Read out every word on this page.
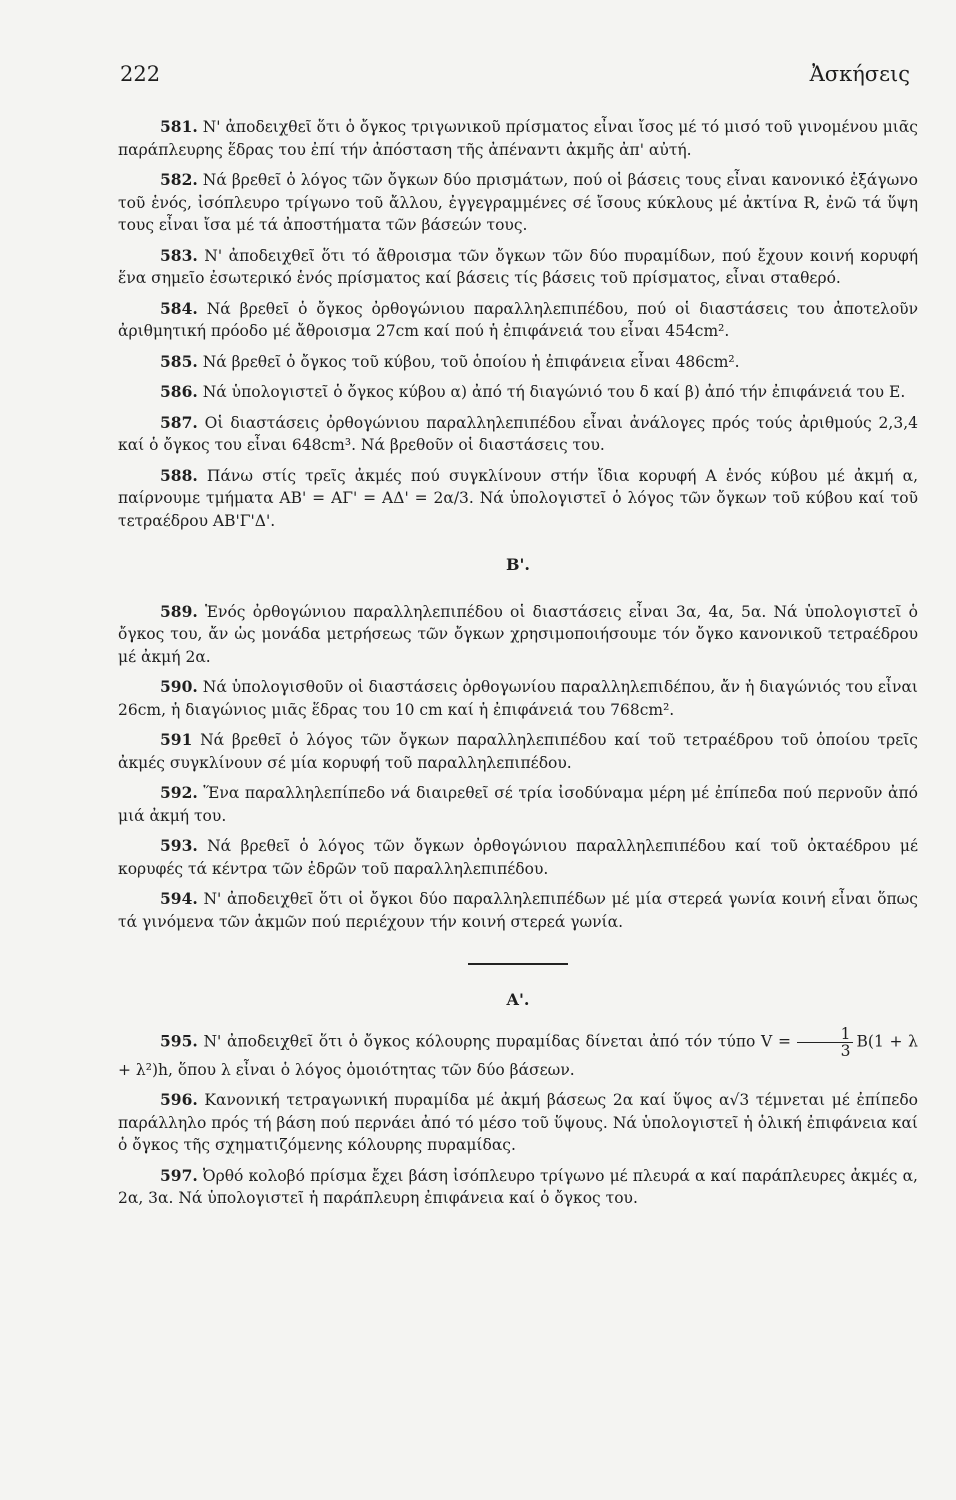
222	Ἀσκήσεις

581. Ν' ἀποδειχθεῖ ὅτι ὁ ὄγκος τριγωνικοῦ πρίσματος εἶναι ἴσος μέ τό μισό τοῦ γινομένου μιᾶς παράπλευρης ἕδρας του ἐπί τήν ἀπόσταση τῆς ἀπέναντι ἀκμῆς ἀπ' αὐτή.

582. Νά βρεθεῖ ὁ λόγος τῶν ὄγκων δύο πρισμάτων, πού οἱ βάσεις τους εἶναι κανονικό ἑξάγωνο τοῦ ἑνός, ἰσόπλευρο τρίγωνο τοῦ ἄλλου, ἐγγεγραμμένες σέ ἴσους κύκλους μέ ἀκτίνα R, ἐνῶ τά ὕψη τους εἶναι ἴσα μέ τά ἀποστήματα τῶν βάσεών τους.

583. Ν' ἀποδειχθεῖ ὅτι τό ἄθροισμα τῶν ὄγκων τῶν δύο πυραμίδων, πού ἔχουν κοινή κορυφή ἕνα σημεῖο ἐσωτερικό ἑνός πρίσματος καί βάσεις τίς βάσεις τοῦ πρίσματος, εἶναι σταθερό.

584. Νά βρεθεῖ ὁ ὄγκος ὀρθογώνιου παραλληλεπιπέδου, πού οἱ διαστάσεις του ἀποτελοῦν ἀριθμητική πρόοδο μέ ἄθροισμα 27cm καί πού ἡ ἐπιφάνειά του εἶναι 454cm².

585. Νά βρεθεῖ ὁ ὄγκος τοῦ κύβου, τοῦ ὁποίου ἡ ἐπιφάνεια εἶναι 486cm².

586. Νά ὑπολογιστεῖ ὁ ὄγκος κύβου α) ἀπό τή διαγώνιό του δ καί β) ἀπό τήν ἐπιφάνειά του Ε.

587. Οἱ διαστάσεις ὀρθογώνιου παραλληλεπιπέδου εἶναι ἀνάλογες πρός τούς ἀριθμούς 2,3,4 καί ὁ ὄγκος του εἶναι 648cm³. Νά βρεθοῦν οἱ διαστάσεις του.

588. Πάνω στίς τρεῖς ἀκμές πού συγκλίνουν στήν ἴδια κορυφή Α ἑνός κύβου μέ ἀκμή α, παίρνουμε τμήματα ΑΒ' = ΑΓ' = ΑΔ' = 2α/3. Νά ὑπολογιστεῖ ὁ λόγος τῶν ὄγκων τοῦ κύβου καί τοῦ τετραέδρου ΑΒ'Γ'Δ'.

Β'.

589. Ἑνός ὀρθογώνιου παραλληλεπιπέδου οἱ διαστάσεις εἶναι 3α, 4α, 5α. Νά ὑπολογιστεῖ ὁ ὄγκος του, ἄν ὡς μονάδα μετρήσεως τῶν ὄγκων χρησιμοποιήσουμε τόν ὄγκο κανονικοῦ τετραέδρου μέ ἀκμή 2α.

590. Νά ὑπολογισθοῦν οἱ διαστάσεις ὀρθογωνίου παραλληλεπιδέπου, ἄν ἡ διαγώνιός του εἶναι 26cm, ἡ διαγώνιος μιᾶς ἕδρας του 10 cm καί ἡ ἐπιφάνειά του 768cm².

591 Νά βρεθεῖ ὁ λόγος τῶν ὄγκων παραλληλεπιπέδου καί τοῦ τετραέδρου τοῦ ὁποίου τρεῖς ἀκμές συγκλίνουν σέ μία κορυφή τοῦ παραλληλεπιπέδου.

592. Ἕνα παραλληλεπίπεδο νά διαιρεθεῖ σέ τρία ἰσοδύναμα μέρη μέ ἐπίπεδα πού περνοῦν ἀπό μιά ἀκμή του.

593. Νά βρεθεῖ ὁ λόγος τῶν ὄγκων ὀρθογώνιου παραλληλεπιπέδου καί τοῦ ὀκταέδρου μέ κορυφές τά κέντρα τῶν ἑδρῶν τοῦ παραλληλεπιπέδου.

594. Ν' ἀποδειχθεῖ ὅτι οἱ ὄγκοι δύο παραλληλεπιπέδων μέ μία στερεά γωνία κοινή εἶναι ὅπως τά γινόμενα τῶν ἀκμῶν πού περιέχουν τήν κοινή στερεά γωνία.

Α'.

595. Ν' ἀποδειχθεῖ ὅτι ὁ ὄγκος κόλουρης πυραμίδας δίνεται ἀπό τόν τύπο $V = \frac{1}{3} B(1 + \lambda + \lambda^2)h$, ὅπου λ εἶναι ὁ λόγος ὁμοιότητας τῶν δύο βάσεων.

596. Κανονική τετραγωνική πυραμίδα μέ ἀκμή βάσεως 2α καί ὕψος α√3 τέμνεται μέ ἐπίπεδο παράλληλο πρός τή βάση πού περνάει ἀπό τό μέσο τοῦ ὕψους. Νά ὑπολογιστεῖ ἡ ὁλική ἐπιφάνεια καί ὁ ὄγκος τῆς σχηματιζόμενης κόλουρης πυραμίδας.

597. Ὀρθό κολοβό πρίσμα ἔχει βάση ἰσόπλευρο τρίγωνο μέ πλευρά α καί παράπλευρες ἀκμές α, 2α, 3α. Νά ὑπολογιστεῖ ἡ παράπλευρη ἐπιφάνεια καί ὁ ὄγκος του.
